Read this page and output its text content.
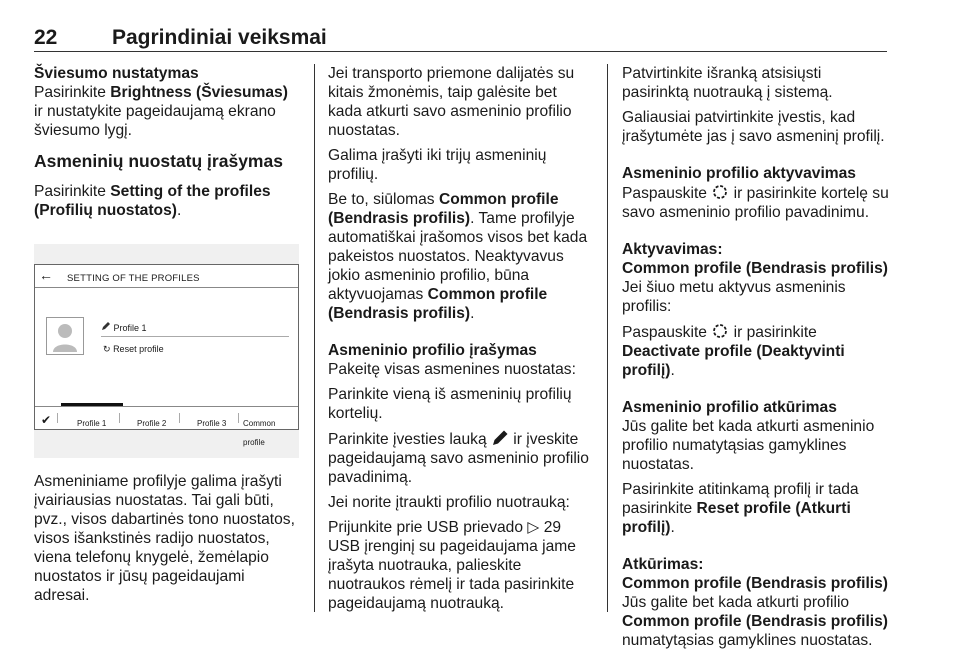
22	Pagrindiniai veiksmai
Šviesumo nustatymas

Pasirinkite Brightness (Šviesumas) ir nustatykite pageidaujamą ekrano šviesumo lygį.

Asmeninių nuostatų įrašymas

Pasirinkite Setting of the profiles (Profilių nuostatos).

← SETTING OF THE PROFILES
Profile 1
↻ Reset profile
✔	Profile 1	Profile 2	Profile 3 Common profile

Asmeniniame profilyje galima įrašyti įvairiausias nuostatas. Tai gali būti, pvz., visos dabartinės tono nuostatos, visos išankstinės radijo nuostatos, viena telefonų knygelė, žemėlapio nuostatos ir jūsų pageidaujami adresai.

Jei transporto priemone dalijatės su kitais žmonėmis, taip galėsite bet kada atkurti savo asmeninio profilio nuostatas.

Galima įrašyti iki trijų asmeninių profilių.

Be to, siūlomas Common profile (Bendrasis profilis). Tame profilyje automatiškai įrašomos visos bet kada pakeistos nuostatos. Neaktyvavus jokio asmeninio profilio, būna aktyvuojamas Common profile (Bendrasis profilis).

Asmeninio profilio įrašymas

Pakeitę visas asmenines nuostatas:

Parinkite vieną iš asmeninių profilių kortelių.

Parinkite įvesties lauką  ir įveskite pageidaujamą savo asmeninio profilio pavadinimą.

Jei norite įtraukti profilio nuotrauką:

Prijunkite prie USB prievado ▷ 29
USB įrenginį su pageidaujama jame įrašyta nuotrauka, palieskite nuotraukos rėmelį ir tada pasirinkite pageidaujamą nuotrauką.

Patvirtinkite išranką atsisiųsti pasirinktą nuotrauką į sistemą.

Galiausiai patvirtinkite įvestis, kad įrašytumėte jas į savo asmeninį profilį.

Asmeninio profilio aktyvavimas

Paspauskite  ir pasirinkite kortelę su savo asmeninio profilio pavadinimu.

Aktyvavimas:
Common profile (Bendrasis profilis)

Jei šiuo metu aktyvus asmeninis profilis:

Paspauskite  ir pasirinkite
Deactivate profile (Deaktyvinti profilį).

Asmeninio profilio atkūrimas

Jūs galite bet kada atkurti asmeninio profilio numatytąsias gamyklines nuostatas.

Pasirinkite atitinkamą profilį ir tada pasirinkite Reset profile (Atkurti profilį).

Atkūrimas:
Common profile (Bendrasis profilis)

Jūs galite bet kada atkurti profilio Common profile (Bendrasis profilis) numatytąsias gamyklines nuostatas.
